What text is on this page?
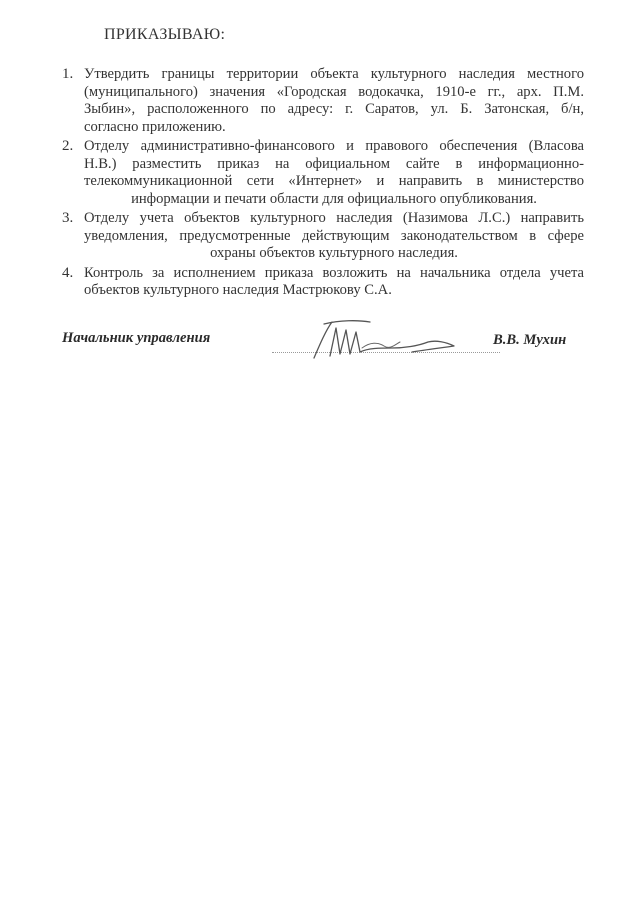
ПРИКАЗЫВАЮ:
1. Утвердить границы территории объекта культурного наследия местного
(муниципального) значения «Городская водокачка, 1910-е гг., арх. П.М.
Зыбин», расположенного по адресу: г. Саратов, ул. Б. Затонская, б/н,
согласно приложению.
2. Отделу административно-финансового и правового обеспечения (Власова
Н.В.) разместить приказ на официальном сайте в информационно-
телекоммуникационной сети «Интернет» и направить в министерство
информации и печати области для официального опубликования.
3. Отделу учета объектов культурного наследия (Назимова Л.С.) направить
уведомления, предусмотренные действующим законодательством в сфере
охраны объектов культурного наследия.
4. Контроль за исполнением приказа возложить на начальника отдела учета
объектов культурного наследия Мастрюкову С.А.
Начальник управления	В.В. Мухин
